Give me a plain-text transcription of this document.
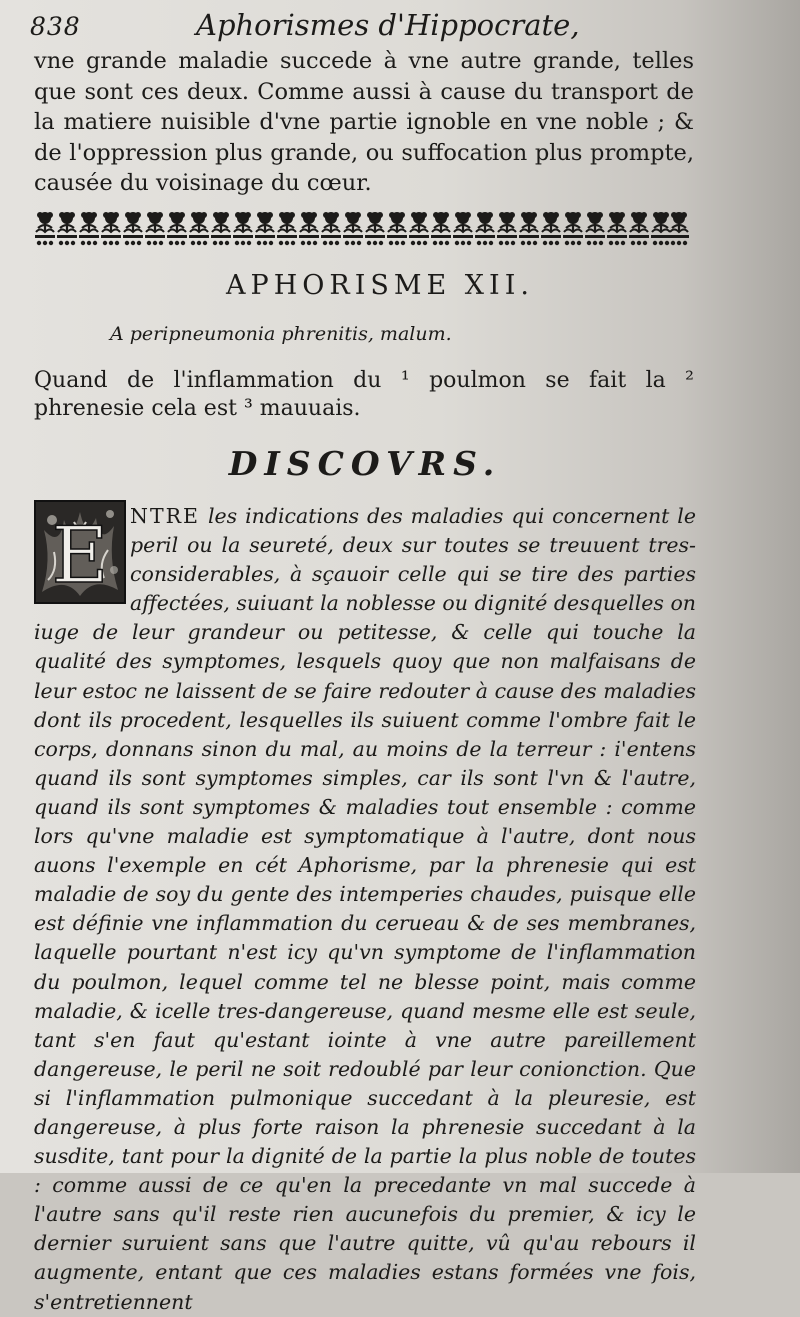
838	Aphorismes d'Hippocrate,
vne grande maladie succede à vne autre grande, telles que sont ces deux. Comme aussi à cause du transport de la matiere nuisible d'vne partie ignoble en vne noble ; & de l'oppression plus grande, ou suffocation plus prompte, causée du voisinage du cœur.
APHORISME XII.
A peripneumonia phrenitis, malum.
Quand de l'inflammation du ¹ poulmon se fait la ² phrenesie cela est ³ mauuais.
DISCOVRS.
E	NTRE les indications des maladies qui concernent le peril ou la seureté, deux sur toutes se treuuent tres-considerables, à sçauoir celle qui se tire des parties affectées, suiuant la noblesse ou dignité desquelles on iuge de leur grandeur ou petitesse, & celle qui touche la qualité des symptomes, lesquels quoy que non malfaisans de leur estoc ne laissent de se faire redouter à cause des maladies dont ils procedent, lesquelles ils suiuent comme l'ombre fait le corps, donnans sinon du mal, au moins de la terreur : i'entens quand ils sont symptomes simples, car ils sont l'vn & l'autre, quand ils sont symptomes & maladies tout ensemble : comme lors qu'vne maladie est symptomatique à l'autre, dont nous auons l'exemple en cét Aphorisme, par la phrenesie qui est maladie de soy du gente des intemperies chaudes, puisque elle est définie vne inflammation du cerueau & de ses membranes, laquelle pourtant n'est icy qu'vn symptome de l'inflammation du poulmon, lequel comme tel ne blesse point, mais comme maladie, & icelle tres-dangereuse, quand mesme elle est seule, tant s'en faut qu'estant iointe à vne autre pareillement dangereuse, le peril ne soit redoublé par leur conionction. Que si l'inflammation pulmonique succedant à la pleuresie, est dangereuse, à plus forte raison la phrenesie succedant à la susdite, tant pour la dignité de la partie la plus noble de toutes : comme aussi de ce qu'en la precedante vn mal succede à l'autre sans qu'il reste rien aucunefois du premier, & icy le dernier suruient sans que l'autre quitte, vû qu'au rebours il augmente, entant que ces maladies estans formées vne fois, s'entretiennent
